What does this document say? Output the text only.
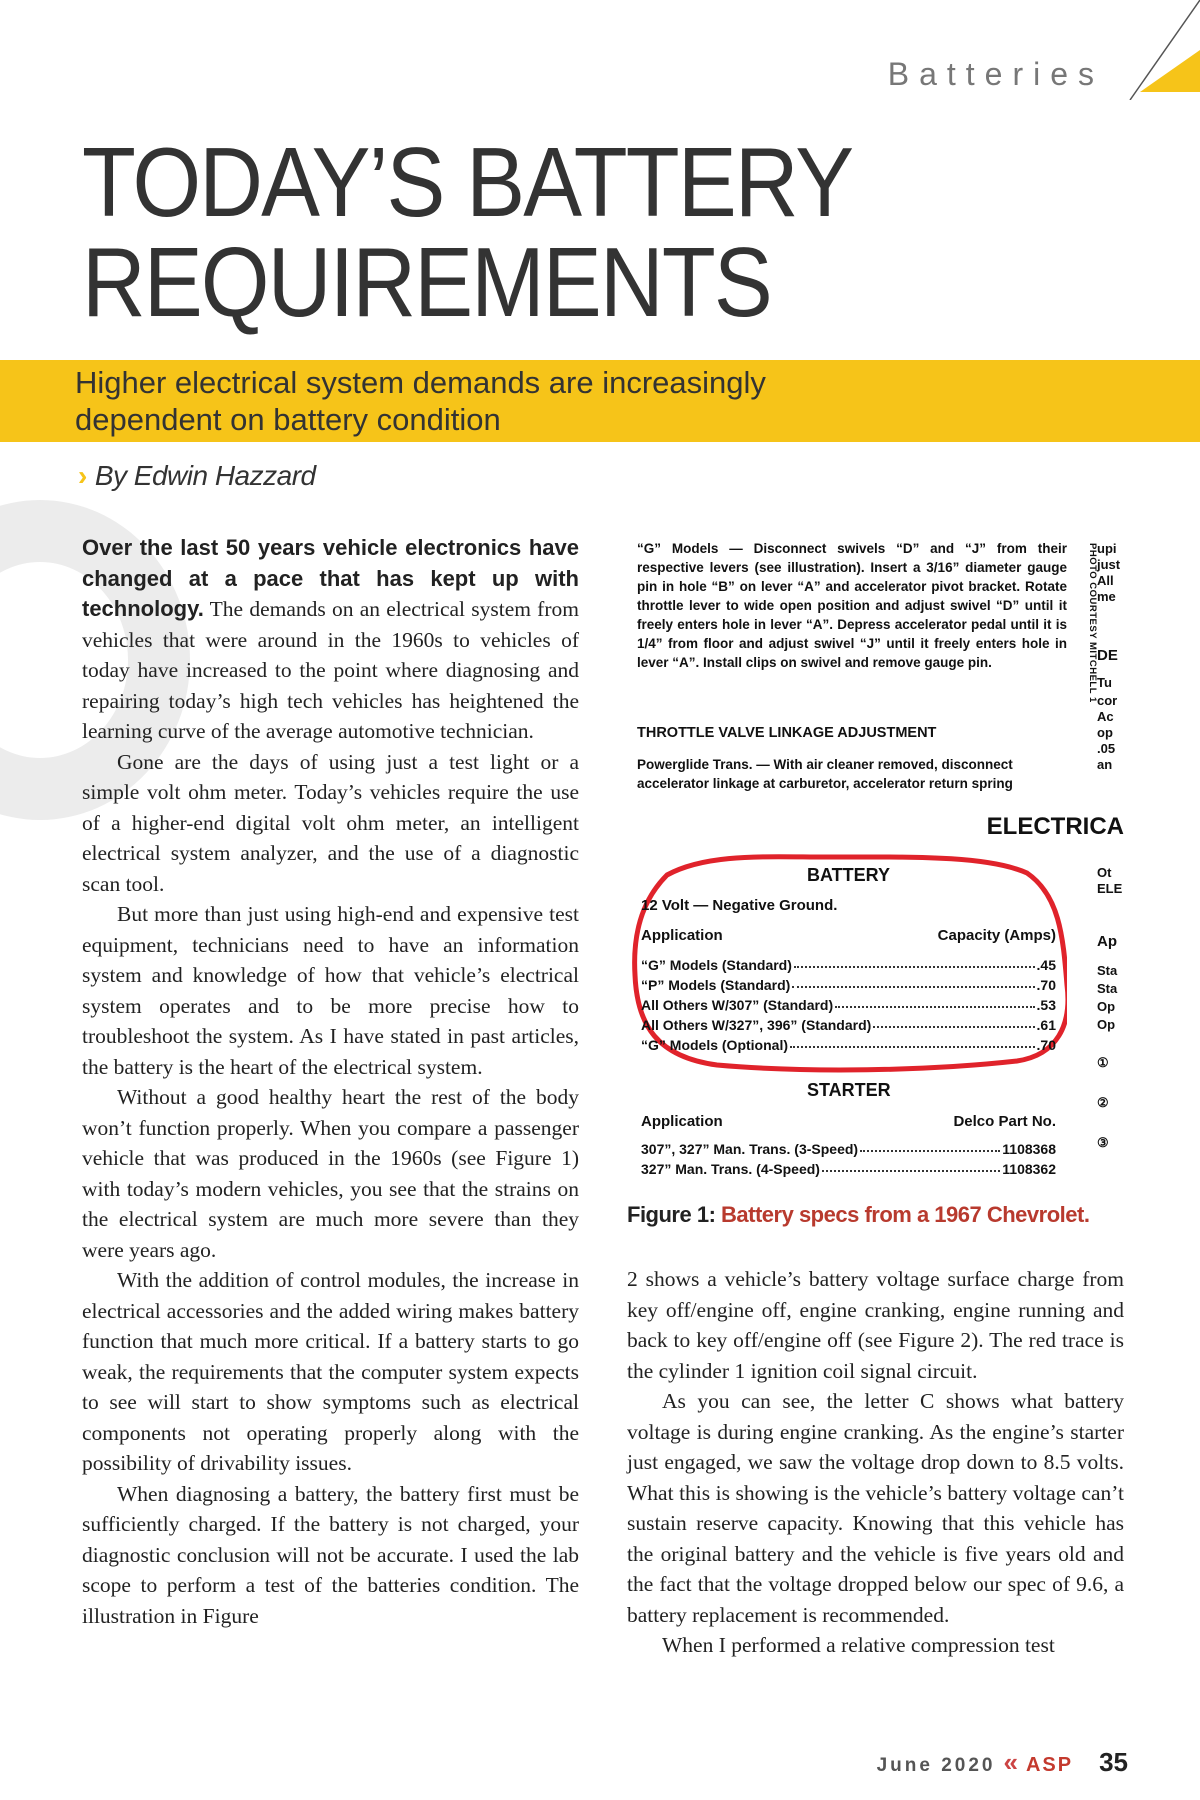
Batteries
TODAY’S BATTERY
REQUIREMENTS
Higher electrical system demands are increasingly dependent on battery condition
› By Edwin Hazzard

Over the last 50 years vehicle electronics have changed at a pace that has kept up with technology. The demands on an electrical system from vehicles that were around in the 1960s to vehicles of today have increased to the point where diagnosing and repairing today’s high tech vehicles has heightened the learning curve of the average automotive technician.

Gone are the days of using just a test light or a simple volt ohm meter. Today’s vehicles require the use of a higher-end digital volt ohm meter, an intelligent electrical system analyzer, and the use of a diagnostic scan tool.

But more than just using high-end and expensive test equipment, technicians need to have an information system and knowledge of how that vehicle’s electrical system operates and to be more precise how to troubleshoot the system. As I have stated in past articles, the battery is the heart of the electrical system.

Without a good healthy heart the rest of the body won’t function properly. When you compare a passenger vehicle that was produced in the 1960s (see Figure 1) with today’s modern vehicles, you see that the strains on the electrical system are much more severe than they were years ago.

With the addition of control modules, the increase in electrical accessories and the added wiring makes battery function that much more critical. If a battery starts to go weak, the requirements that the computer system expects to see will start to show symptoms such as electrical components not operating properly along with the possibility of drivability issues.

When diagnosing a battery, the battery first must be sufficiently charged. If the battery is not charged, your diagnostic conclusion will not be accurate. I used the lab scope to perform a test of the batteries condition. The illustration in Figure

“G” Models — Disconnect swivels “D” and “J” from their respective levers (see illustration). Insert a 3/16” diameter gauge pin in hole “B” on lever “A” and accelerator pivot bracket. Rotate throttle lever to wide open position and adjust swivel “D” until it freely enters hole in lever “A”. Depress accelerator pedal until it is 1/4” from floor and adjust swivel “J” until it freely enters hole in lever “A”. Install clips on swivel and remove gauge pin.
THROTTLE VALVE LINKAGE ADJUSTMENT
Powerglide Trans. — With air cleaner removed, disconnect accelerator linkage at carburetor, accelerator return spring
PHOTO COURTESY MITCHELL 1
ELECTRICA
upi
just
All
me
DE
Tu
cor
Ac
op
.05
an
Ot
ELE
Ap
Sta
Sta
Op
Op
①
②
③
BATTERY
12 Volt — Negative Ground.
Application	Capacity (Amps)
“G” Models (Standard)	.45
“P” Models (Standard)	.70
All Others W/307” (Standard)	.53
All Others W/327”, 396” (Standard)	.61
“G” Models (Optional)	.70
STARTER
Application	Delco Part No.
307”, 327” Man. Trans. (3-Speed)	1108368
327” Man. Trans. (4-Speed)	1108362
Figure 1: Battery specs from a 1967 Chevrolet.

2 shows a vehicle’s battery voltage surface charge from key off/engine off, engine cranking, engine running and back to key off/engine off (see Figure 2). The red trace is the cylinder 1 ignition coil signal circuit.

As you can see, the letter C shows what battery voltage is during engine cranking. As the engine’s starter just engaged, we saw the voltage drop down to 8.5 volts. What this is showing is the vehicle’s battery voltage can’t sustain reserve capacity. Knowing that this vehicle has the original battery and the vehicle is five years old and the fact that the voltage dropped below our spec of 9.6, a battery replacement is recommended.

When I performed a relative compression test

June 2020 « ASP 35
